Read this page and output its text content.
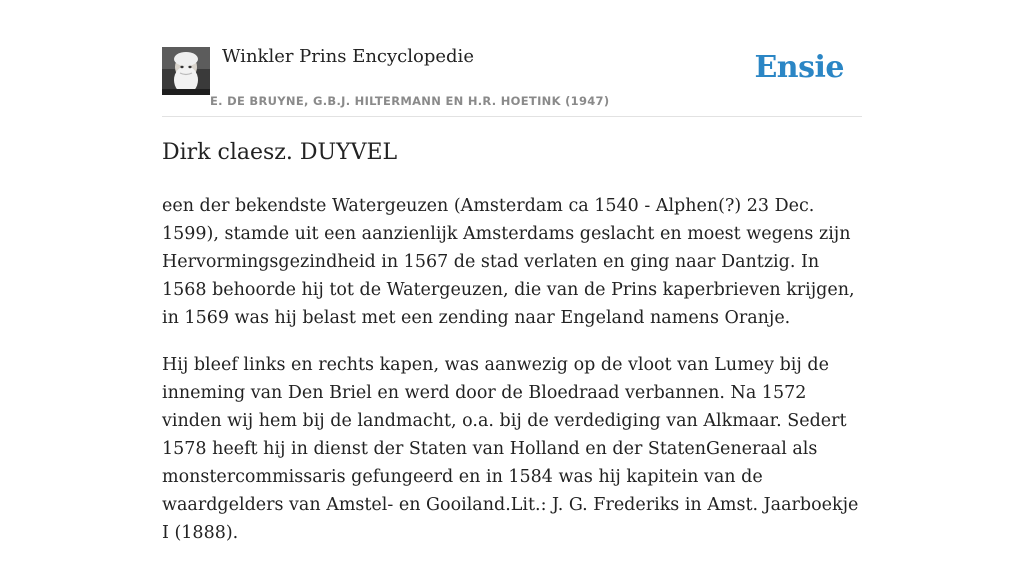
Winkler Prins Encyclopedie
E. DE BRUYNE, G.B.J. HILTERMANN EN H.R. HOETINK (1947)
Ensie
Dirk claesz. DUYVEL

een der bekendste Watergeuzen (Amsterdam ca 1540 - Alphen(?) 23 Dec. 1599), stamde uit een aanzienlijk Amsterdams geslacht en moest wegens zijn Hervormingsgezindheid in 1567 de stad verlaten en ging naar Dantzig. In 1568 behoorde hij tot de Watergeuzen, die van de Prins kaperbrieven krijgen, in 1569 was hij belast met een zending naar Engeland namens Oranje.

Hij bleef links en rechts kapen, was aanwezig op de vloot van Lumey bij de inneming van Den Briel en werd door de Bloedraad verbannen. Na 1572 vinden wij hem bij de landmacht, o.a. bij de verdediging van Alkmaar. Sedert 1578 heeft hij in dienst der Staten van Holland en der StatenGeneraal als monstercommissaris gefungeerd en in 1584 was hij kapitein van de waardgelders van Amstel- en Gooiland.Lit.: J. G. Frederiks in Amst. Jaarboekje I (1888).
